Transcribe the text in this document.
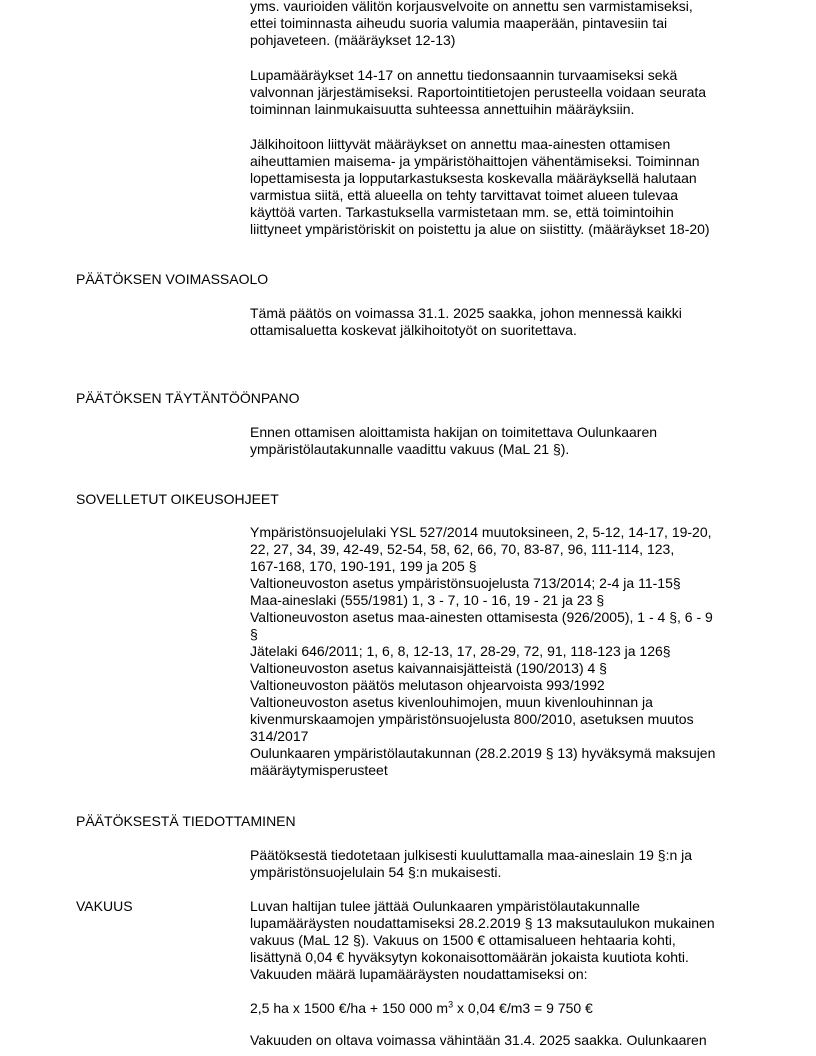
yms. vaurioiden välitön korjausvelvoite on annettu sen varmistamiseksi,
ettei toiminnasta aiheudu suoria valumia maaperään, pintavesiin tai
pohjaveteen. (määräykset 12-13)
Lupamääräykset 14-17 on annettu tiedonsaannin turvaamiseksi sekä
valvonnan järjestämiseksi. Raportointitietojen perusteella voidaan seurata
toiminnan lainmukaisuutta suhteessa annettuihin määräyksiin.
Jälkihoitoon liittyvät määräykset on annettu maa-ainesten ottamisen
aiheuttamien maisema- ja ympäristöhaittojen vähentämiseksi. Toiminnan
lopettamisesta ja lopputarkastuksesta koskevalla määräyksellä halutaan
varmistua siitä, että alueella on tehty tarvittavat toimet alueen tulevaa
käyttöä varten. Tarkastuksella varmistetaan mm. se, että toimintoihin
liittyneet ympäristöriskit on poistettu ja alue on siistitty. (määräykset 18-20)
PÄÄTÖKSEN VOIMASSAOLO
Tämä päätös on voimassa 31.1. 2025 saakka, johon mennessä kaikki
ottamisaluetta koskevat jälkihoitotyöt on suoritettava.
PÄÄTÖKSEN TÄYTÄNTÖÖNPANO
Ennen ottamisen aloittamista hakijan on toimitettava Oulunkaaren
ympäristölautakunnalle vaadittu vakuus (MaL 21 §).
SOVELLETUT OIKEUSOHJEET
Ympäristönsuojelulaki YSL 527/2014 muutoksineen, 2, 5-12, 14-17, 19-20,
22, 27, 34, 39, 42-49, 52-54, 58, 62, 66, 70, 83-87, 96, 111-114, 123,
167-168, 170, 190-191, 199 ja 205 §
Valtioneuvoston asetus ympäristönsuojelusta 713/2014; 2-4 ja 11-15§
Maa-aineslaki (555/1981) 1, 3 - 7, 10 - 16, 19 - 21 ja 23 §
Valtioneuvoston asetus maa-ainesten ottamisesta (926/2005), 1 - 4 §, 6 - 9
§
Jätelaki 646/2011; 1, 6, 8, 12-13, 17, 28-29, 72, 91, 118-123 ja 126§
Valtioneuvoston asetus kaivannaisjätteistä (190/2013) 4 §
Valtioneuvoston päätös melutason ohjearvoista 993/1992
Valtioneuvoston asetus kivenlouhimojen, muun kivenlouhinnan ja
kivenmurskaamojen ympäristönsuojelusta 800/2010, asetuksen muutos
314/2017
Oulunkaaren ympäristölautakunnan (28.2.2019 § 13) hyväksymä maksujen
määräytymisperusteet
PÄÄTÖKSESTÄ TIEDOTTAMINEN
Päätöksestä tiedotetaan julkisesti kuuluttamalla maa-aineslain 19 §:n ja
ympäristönsuojelulain 54 §:n mukaisesti.
VAKUUS	Luvan haltijan tulee jättää Oulunkaaren ympäristölautakunnalle
lupamääräysten noudattamiseksi 28.2.2019 § 13 maksutaulukon mukainen
vakuus (MaL 12 §). Vakuus on 1500 € ottamisalueen hehtaaria kohti,
lisättynä 0,04 € hyväksytyn kokonaisottomäärän jokaista kuutiota kohti.
Vakuuden määrä lupamääräysten noudattamiseksi on:
2,5 ha x 1500 €/ha + 150 000 $m^3$ x 0,04 €/m3 = 9 750 €
Vakuuden on oltava voimassa vähintään 31.4. 2025 saakka. Oulunkaaren
